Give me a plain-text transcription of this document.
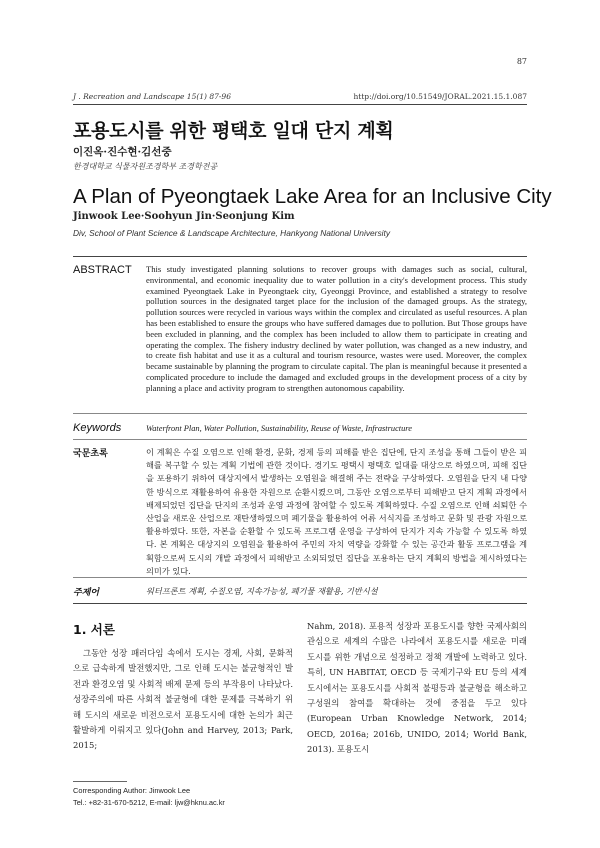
87
J . Recreation and Landscape 15(1) 87-96	http://doi.org/10.51549/JORAL.2021.15.1.087
포용도시를 위한 평택호 일대 단지 계획
이진옥·진수현·김선중
한경대학교 식물자원조경학부 조경학전공
A Plan of Pyeongtaek Lake Area for an Inclusive City
Jinwook Lee·Soohyun Jin·Seonjung Kim
Div, School of Plant Science & Landscape Architecture, Hankyong National University
ABSTRACT This study investigated planning solutions to recover groups with damages such as social, cultural, environmental, and economic inequality due to water pollution in a city's development process. This study examined Pyeongtaek Lake in Pyeongtaek city, Gyeonggi Province, and established a strategy to resolve pollution sources in the designated target place for the inclusion of the damaged groups. As the strategy, pollution sources were recycled in various ways within the complex and circulated as useful resources. A plan has been established to ensure the groups who have suffered damages due to pollution. But Those groups have been excluded in planning, and the complex has been included to allow them to participate in creating and operating the complex. The fishery industry declined by water pollution, was changed as a new industry, and to create fish habitat and use it as a cultural and tourism resource, wastes were used. Moreover, the complex became sustainable by planning the program to circulate capital. The plan is meaningful because it presented a complicated procedure to include the damaged and excluded groups in the development process of a city by planning a place and activity program to strengthen autonomous capability.
Keywords	Waterfront Plan, Water Pollution, Sustainability, Reuse of Waste, Infrastructure
국문초록	이 계획은 수질 오염으로 인해 환경, 문화, 경제 등의 피해를 받은 집단에, 단지 조성을 통해 그들이 받은 피해를 복구할 수 있는 계획 기법에 관한 것이다. 경기도 평택시 평택호 일대를 대상으로 하였으며, 피해 집단을 포용하기 위하여 대상지에서 발생하는 오염원을 해결해 주는 전략을 구상하였다. 오염원을 단지 내 다양한 방식으로 재활용하여 유용한 자원으로 순환시켰으며, 그동안 오염으로부터 피해받고 단지 계획 과정에서 배제되었던 집단을 단지의 조성과 운영 과정에 참여할 수 있도록 계획하였다. 수질 오염으로 인해 쇠퇴한 수산업을 새로운 산업으로 재탄생하였으며 폐기물을 활용하여 어류 서식지를 조성하고 문화 및 관광 자원으로 활용하였다. 또한, 자본을 순환할 수 있도록 프로그램 운영을 구상하여 단지가 지속 가능할 수 있도록 하였다. 본 계획은 대상지의 오염원을 활용하여 주민의 자치 역량을 강화할 수 있는 공간과 활동 프로그램을 계획함으로써 도시의 개발 과정에서 피해받고 소외되었던 집단을 포용하는 단지 계획의 방법을 제시하였다는 의미가 있다.
주제어	워터프론트 계획, 수질오염, 지속가능성, 폐기물 재활용, 기반시설
1. 서론
그동안 성장 패러다임 속에서 도시는 경제, 사회, 문화적으로 급속하게 발전했지만, 그로 인해 도시는 불균형적인 발전과 환경오염 및 사회적 배제 문제 등의 부작용이 나타났다. 성장주의에 따른 사회적 불균형에 대한 문제를 극복하기 위해 도시의 새로운 비전으로서 포용도시에 대한 논의가 최근 활발하게 이뤄지고 있다(John and Harvey, 2013; Park, 2015;
Nahm, 2018). 포용적 성장과 포용도시를 향한 국제사회의 관심으로 세계의 수많은 나라에서 포용도시를 새로운 미래 도시를 위한 개념으로 설정하고 정책 개발에 노력하고 있다. 특히, UN HABITAT, OECD 등 국제기구와 EU 등의 세계 도시에서는 포용도시를 사회적 불평등과 불균형을 해소하고 구성원의 참여를 확대하는 것에 중점을 두고 있다(European Urban Knowledge Network, 2014; OECD, 2016a; 2016b, UNIDO, 2014; World Bank, 2013). 포용도시
Corresponding Author: Jinwook Lee
Tel.: +82-31-670-5212, E-mail: ljw@hknu.ac.kr
